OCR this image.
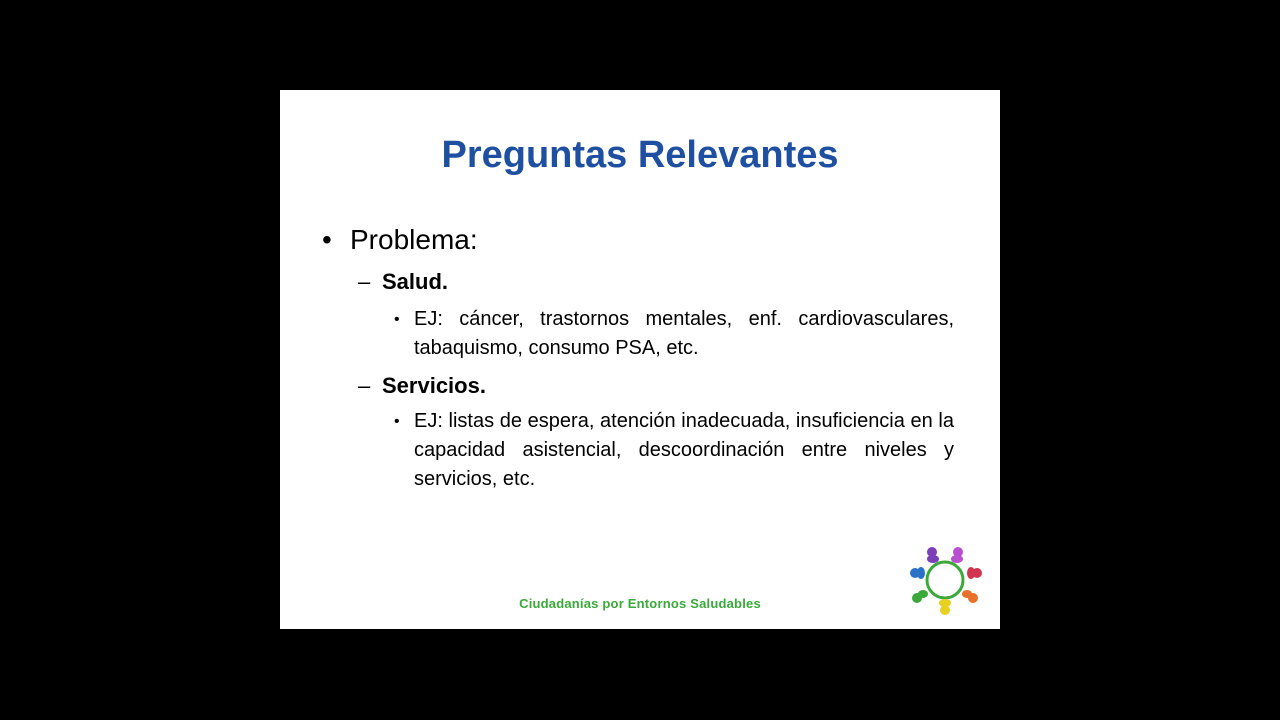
Preguntas Relevantes
• Problema:
– Salud.
• EJ: cáncer, trastornos mentales, enf. cardiovasculares, tabaquismo, consumo PSA, etc.
– Servicios.
• EJ: listas de espera, atención inadecuada, insuficiencia en la capacidad asistencial, descoordinación entre niveles y servicios, etc.
Ciudadanías por Entornos Saludables
